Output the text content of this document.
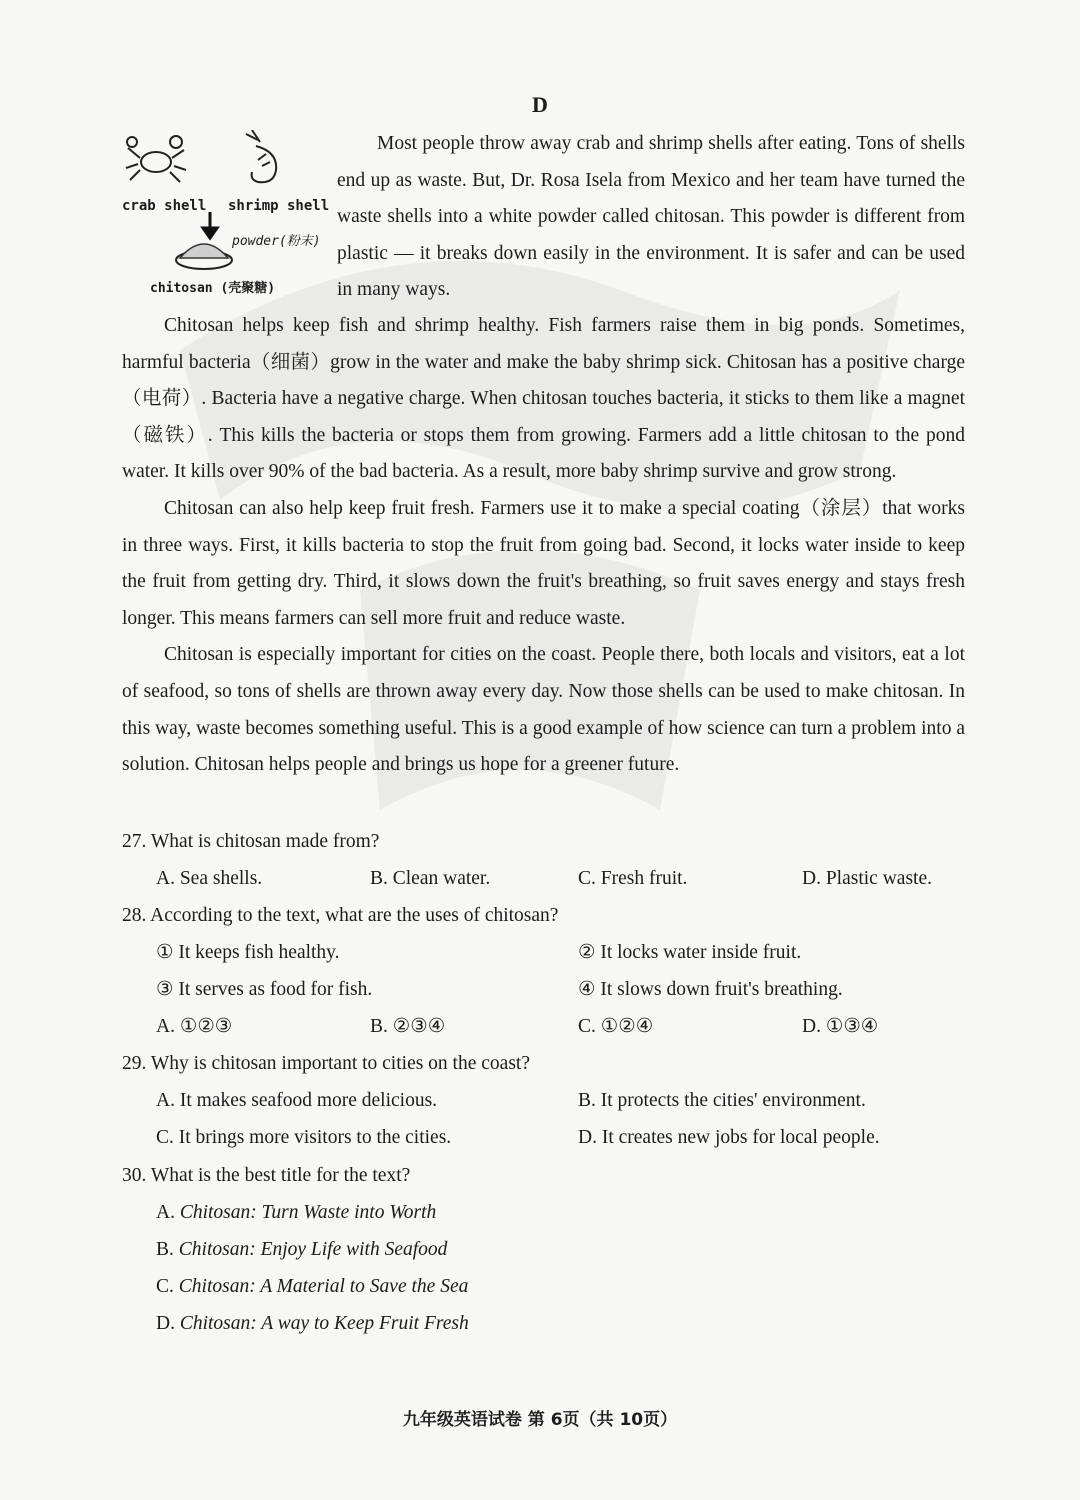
D
crab shell shrimp shell
powder(粉末)
chitosan (壳聚糖)
Most people throw away crab and shrimp shells after eating. Tons of shells end up as waste. But, Dr. Rosa Isela from Mexico and her team have turned the waste shells into a white powder called chitosan. This powder is different from plastic — it breaks down easily in the environment. It is safer and can be used in many ways.

Chitosan helps keep fish and shrimp healthy. Fish farmers raise them in big ponds. Sometimes, harmful bacteria（细菌）grow in the water and make the baby shrimp sick. Chitosan has a positive charge（电荷）. Bacteria have a negative charge. When chitosan touches bacteria, it sticks to them like a magnet（磁铁）. This kills the bacteria or stops them from growing. Farmers add a little chitosan to the pond water. It kills over 90% of the bad bacteria. As a result, more baby shrimp survive and grow strong.

Chitosan can also help keep fruit fresh. Farmers use it to make a special coating（涂层）that works in three ways. First, it kills bacteria to stop the fruit from going bad. Second, it locks water inside to keep the fruit from getting dry. Third, it slows down the fruit's breathing, so fruit saves energy and stays fresh longer. This means farmers can sell more fruit and reduce waste.

Chitosan is especially important for cities on the coast. People there, both locals and visitors, eat a lot of seafood, so tons of shells are thrown away every day. Now those shells can be used to make chitosan. In this way, waste becomes something useful. This is a good example of how science can turn a problem into a solution. Chitosan helps people and brings us hope for a greener future.

27. What is chitosan made from?
A. Sea shells.	B. Clean water.	C. Fresh fruit.	D. Plastic waste.
28. According to the text, what are the uses of chitosan?
① It keeps fish healthy.	② It locks water inside fruit.
③ It serves as food for fish.	④ It slows down fruit's breathing.
A. ①②③	B. ②③④	C. ①②④	D. ①③④
29. Why is chitosan important to cities on the coast?
A. It makes seafood more delicious.	B. It protects the cities' environment.
C. It brings more visitors to the cities.	D. It creates new jobs for local people.
30. What is the best title for the text?
A. Chitosan: Turn Waste into Worth
B. Chitosan: Enjoy Life with Seafood
C. Chitosan: A Material to Save the Sea
D. Chitosan: A way to Keep Fruit Fresh
九年级英语试卷 第 6页（共 10页）
